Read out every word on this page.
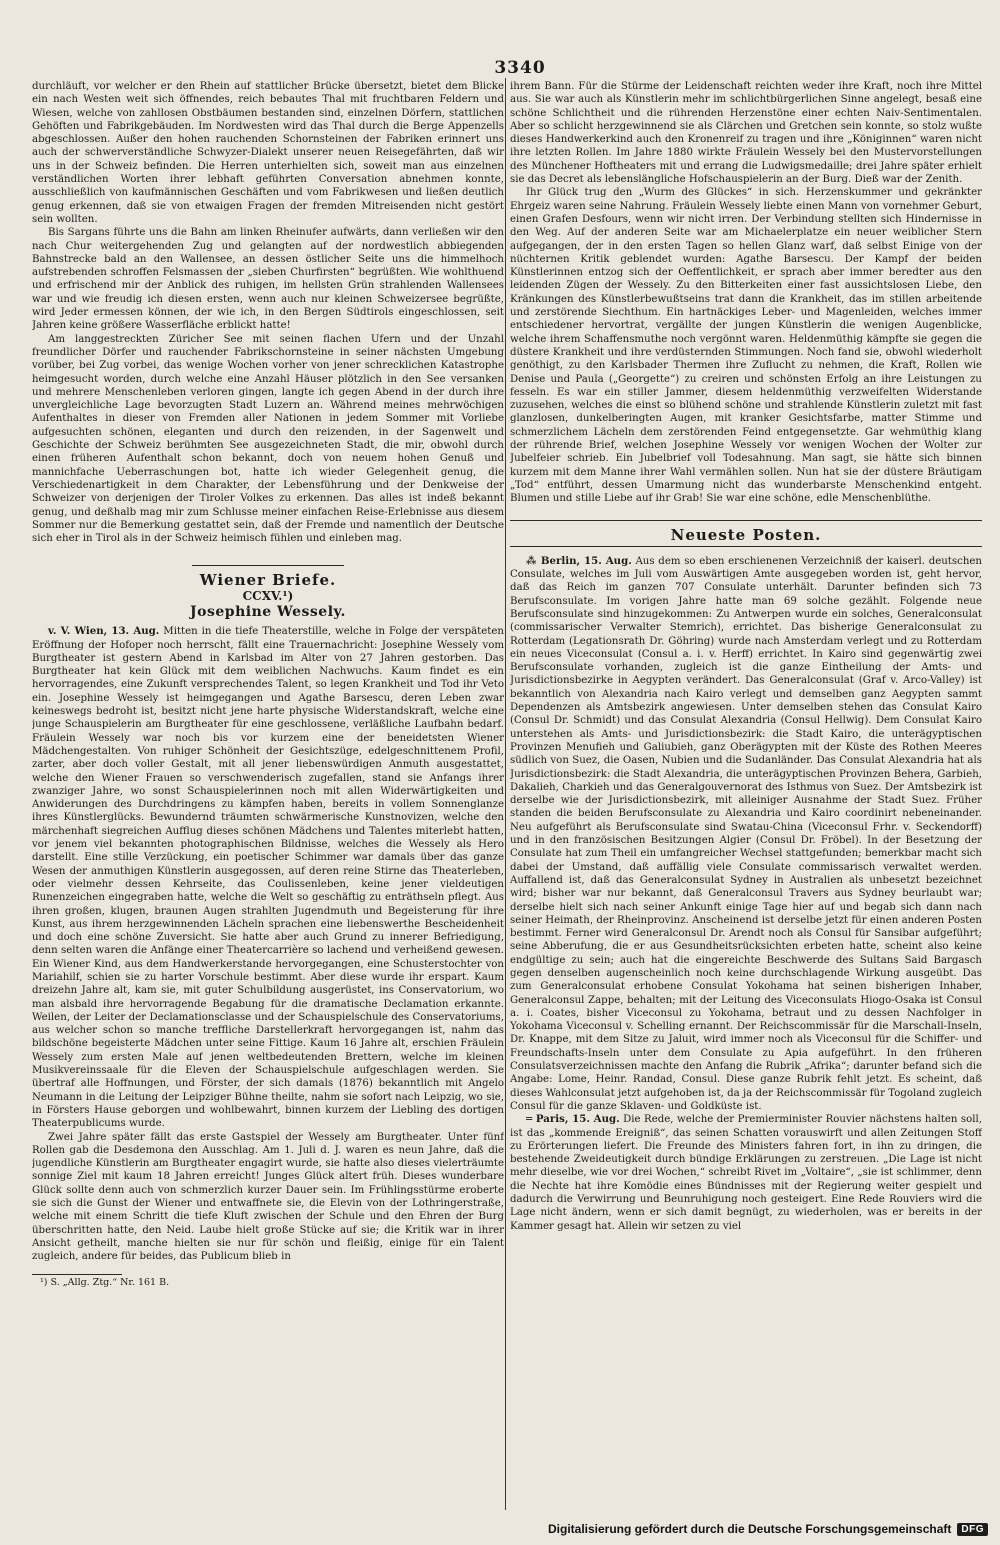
3340

durchläuft, vor welcher er den Rhein auf stattlicher Brücke übersetzt, bietet dem Blicke ein nach Westen weit sich öffnendes, reich bebautes Thal mit fruchtbaren Feldern und Wiesen, welche von zahllosen Obstbäumen bestanden sind, einzelnen Dörfern, stattlichen Gehöften und Fabrikgebäuden. Im Nordwesten wird das Thal durch die Berge Appenzells abgeschlossen. Außer den hohen rauchenden Schornsteinen der Fabriken erinnert uns auch der schwerverständliche Schwyzer-Dialekt unserer neuen Reisegefährten, daß wir uns in der Schweiz befinden. Die Herren unterhielten sich, soweit man aus einzelnen verständlichen Worten ihrer lebhaft geführten Conversation abnehmen konnte, ausschließlich von kaufmännischen Geschäften und vom Fabrikwesen und ließen deutlich genug erkennen, daß sie von etwaigen Fragen der fremden Mitreisenden nicht gestört sein wollten.

Bis Sargans führte uns die Bahn am linken Rheinufer aufwärts, dann verließen wir den nach Chur weitergehenden Zug und gelangten auf der nordwestlich abbiegenden Bahnstrecke bald an den Wallensee, an dessen östlicher Seite uns die himmelhoch aufstrebenden schroffen Felsmassen der „sieben Churfirsten“ begrüßten. Wie wohlthuend und erfrischend mir der Anblick des ruhigen, im hellsten Grün strahlenden Wallensees war und wie freudig ich diesen ersten, wenn auch nur kleinen Schweizersee begrüßte, wird Jeder ermessen können, der wie ich, in den Bergen Südtirols eingeschlossen, seit Jahren keine größere Wasserfläche erblickt hatte!

Am langgestreckten Züricher See mit seinen flachen Ufern und der Unzahl freundlicher Dörfer und rauchender Fabrikschornsteine in seiner nächsten Umgebung vorüber, bei Zug vorbei, das wenige Wochen vorher von jener schrecklichen Katastrophe heimgesucht worden, durch welche eine Anzahl Häuser plötzlich in den See versanken und mehrere Menschenleben verloren gingen, langte ich gegen Abend in der durch ihre unvergleichliche Lage bevorzugten Stadt Luzern an. Während meines mehrwöchigen Aufenthaltes in dieser von Fremden aller Nationen in jedem Sommer mit Vorliebe aufgesuchten schönen, eleganten und durch den reizenden, in der Sagenwelt und Geschichte der Schweiz berühmten See ausgezeichneten Stadt, die mir, obwohl durch einen früheren Aufenthalt schon bekannt, doch von neuem hohen Genuß und mannichfache Ueberraschungen bot, hatte ich wieder Gelegenheit genug, die Verschiedenartigkeit in dem Charakter, der Lebensführung und der Denkweise der Schweizer von derjenigen der Tiroler Volkes zu erkennen. Das alles ist indeß bekannt genug, und deßhalb mag mir zum Schlusse meiner einfachen Reise-Erlebnisse aus diesem Sommer nur die Bemerkung gestattet sein, daß der Fremde und namentlich der Deutsche sich eher in Tirol als in der Schweiz heimisch fühlen und einleben mag.

Wiener Briefe.
CCXV.¹)
Josephine Wessely.

v. V. Wien, 13. Aug. Mitten in die tiefe Theaterstille, welche in Folge der verspäteten Eröffnung der Hofoper noch herrscht, fällt eine Trauernachricht: Josephine Wessely vom Burgtheater ist gestern Abend in Karlsbad im Alter von 27 Jahren gestorben. Das Burgtheater hat kein Glück mit dem weiblichen Nachwuchs. Kaum findet es ein hervorragendes, eine Zukunft versprechendes Talent, so legen Krankheit und Tod ihr Veto ein. Josephine Wessely ist heimgegangen und Agathe Barsescu, deren Leben zwar keineswegs bedroht ist, besitzt nicht jene harte physische Widerstandskraft, welche eine junge Schauspielerin am Burgtheater für eine geschlossene, verläßliche Laufbahn bedarf. Fräulein Wessely war noch bis vor kurzem eine der beneidetsten Wiener Mädchengestalten. Von ruhiger Schönheit der Gesichtszüge, edelgeschnittenem Profil, zarter, aber doch voller Gestalt, mit all jener liebenswürdigen Anmuth ausgestattet, welche den Wiener Frauen so verschwenderisch zugefallen, stand sie Anfangs ihrer zwanziger Jahre, wo sonst Schauspielerinnen noch mit allen Widerwärtigkeiten und Anwiderungen des Durchdringens zu kämpfen haben, bereits in vollem Sonnenglanze ihres Künstlerglücks. Bewundernd träumten schwärmerische Kunstnovizen, welche den märchenhaft siegreichen Aufflug dieses schönen Mädchens und Talentes miterlebt hatten, vor jenem viel bekannten photographischen Bildnisse, welches die Wessely als Hero darstellt. Eine stille Verzückung, ein poetischer Schimmer war damals über das ganze Wesen der anmuthigen Künstlerin ausgegossen, auf deren reine Stirne das Theaterleben, oder vielmehr dessen Kehrseite, das Coulissenleben, keine jener vieldeutigen Runenzeichen eingegraben hatte, welche die Welt so geschäftig zu enträthseln pflegt. Aus ihren großen, klugen, braunen Augen strahlten Jugendmuth und Begeisterung für ihre Kunst, aus ihrem herzgewinnenden Lächeln sprachen eine liebenswerthe Bescheidenheit und doch eine schöne Zuversicht. Sie hatte aber auch Grund zu innerer Befriedigung, denn selten waren die Anfänge einer Theatercarrière so lachend und verheißend gewesen. Ein Wiener Kind, aus dem Handwerkerstande hervorgegangen, eine Schusterstochter von Mariahilf, schien sie zu harter Vorschule bestimmt. Aber diese wurde ihr erspart. Kaum dreizehn Jahre alt, kam sie, mit guter Schulbildung ausgerüstet, ins Conservatorium, wo man alsbald ihre hervorragende Begabung für die dramatische Declamation erkannte. Weilen, der Leiter der Declamationsclasse und der Schauspielschule des Conservatoriums, aus welcher schon so manche treffliche Darstellerkraft hervorgegangen ist, nahm das bildschöne begeisterte Mädchen unter seine Fittige. Kaum 16 Jahre alt, erschien Fräulein Wessely zum ersten Male auf jenen weltbedeutenden Brettern, welche im kleinen Musikvereinssaale für die Eleven der Schauspielschule aufgeschlagen werden. Sie übertraf alle Hoffnungen, und Förster, der sich damals (1876) bekanntlich mit Angelo Neumann in die Leitung der Leipziger Bühne theilte, nahm sie sofort nach Leipzig, wo sie, in Försters Hause geborgen und wohlbewahrt, binnen kurzem der Liebling des dortigen Theaterpublicums wurde.

Zwei Jahre später fällt das erste Gastspiel der Wessely am Burgtheater. Unter fünf Rollen gab die Desdemona den Ausschlag. Am 1. Juli d. J. waren es neun Jahre, daß die jugendliche Künstlerin am Burgtheater engagirt wurde, sie hatte also dieses vielerträumte sonnige Ziel mit kaum 18 Jahren erreicht! Junges Glück altert früh. Dieses wunderbare Glück sollte denn auch von schmerzlich kurzer Dauer sein. Im Frühlingsstürme eroberte sie sich die Gunst der Wiener und entwaffnete sie, die Elevin von der Lothringerstraße, welche mit einem Schritt die tiefe Kluft zwischen der Schule und den Ehren der Burg überschritten hatte, den Neid. Laube hielt große Stücke auf sie; die Kritik war in ihrer Ansicht getheilt, manche hielten sie nur für schön und fleißig, einige für ein Talent zugleich, andere für beides, das Publicum blieb in

¹) S. „Allg. Ztg.“ Nr. 161 B.

ihrem Bann. Für die Stürme der Leidenschaft reichten weder ihre Kraft, noch ihre Mittel aus. Sie war auch als Künstlerin mehr im schlichtbürgerlichen Sinne angelegt, besaß eine schöne Schlichtheit und die rührenden Herzenstöne einer echten Naiv-Sentimentalen. Aber so schlicht herzgewinnend sie als Clärchen und Gretchen sein konnte, so stolz wußte dieses Handwerkerkind auch den Kronenreif zu tragen und ihre „Königinnen“ waren nicht ihre letzten Rollen. Im Jahre 1880 wirkte Fräulein Wessely bei den Mustervorstellungen des Münchener Hoftheaters mit und errang die Ludwigsmedaille; drei Jahre später erhielt sie das Decret als lebenslängliche Hofschauspielerin an der Burg. Dieß war der Zenith.

Ihr Glück trug den „Wurm des Glückes“ in sich. Herzenskummer und gekränkter Ehrgeiz waren seine Nahrung. Fräulein Wessely liebte einen Mann von vornehmer Geburt, einen Grafen Desfours, wenn wir nicht irren. Der Verbindung stellten sich Hindernisse in den Weg. Auf der anderen Seite war am Michaelerplatze ein neuer weiblicher Stern aufgegangen, der in den ersten Tagen so hellen Glanz warf, daß selbst Einige von der nüchternen Kritik geblendet wurden: Agathe Barsescu. Der Kampf der beiden Künstlerinnen entzog sich der Oeffentlichkeit, er sprach aber immer beredter aus den leidenden Zügen der Wessely. Zu den Bitterkeiten einer fast aussichtslosen Liebe, den Kränkungen des Künstlerbewußtseins trat dann die Krankheit, das im stillen arbeitende und zerstörende Siechthum. Ein hartnäckiges Leber- und Magenleiden, welches immer entschiedener hervortrat, vergällte der jungen Künstlerin die wenigen Augenblicke, welche ihrem Schaffensmuthe noch vergönnt waren. Heldenmüthig kämpfte sie gegen die düstere Krankheit und ihre verdüsternden Stimmungen. Noch fand sie, obwohl wiederholt genöthigt, zu den Karlsbader Thermen ihre Zuflucht zu nehmen, die Kraft, Rollen wie Denise und Paula („Georgette“) zu creiren und schönsten Erfolg an ihre Leistungen zu fesseln. Es war ein stiller Jammer, diesem heldenmüthig verzweifelten Widerstande zuzusehen, welches die einst so blühend schöne und strahlende Künstlerin zuletzt mit fast glanzlosen, dunkelberingten Augen, mit kranker Gesichtsfarbe, matter Stimme und schmerzlichem Lächeln dem zerstörenden Feind entgegensetzte. Gar wehmüthig klang der rührende Brief, welchen Josephine Wessely vor wenigen Wochen der Wolter zur Jubelfeier schrieb. Ein Jubelbrief voll Todesahnung. Man sagt, sie hätte sich binnen kurzem mit dem Manne ihrer Wahl vermählen sollen. Nun hat sie der düstere Bräutigam „Tod“ entführt, dessen Umarmung nicht das wunderbarste Menschenkind entgeht. Blumen und stille Liebe auf ihr Grab! Sie war eine schöne, edle Menschenblüthe.

Neueste Posten.

⁂ Berlin, 15. Aug. Aus dem so eben erschienenen Verzeichniß der kaiserl. deutschen Consulate, welches im Juli vom Auswärtigen Amte ausgegeben worden ist, geht hervor, daß das Reich im ganzen 707 Consulate unterhält. Darunter befinden sich 73 Berufsconsulate. Im vorigen Jahre hatte man 69 solche gezählt. Folgende neue Berufsconsulate sind hinzugekommen: Zu Antwerpen wurde ein solches, Generalconsulat (commissarischer Verwalter Stemrich), errichtet. Das bisherige Generalconsulat zu Rotterdam (Legationsrath Dr. Göhring) wurde nach Amsterdam verlegt und zu Rotterdam ein neues Viceconsulat (Consul a. i. v. Herff) errichtet. In Kairo sind gegenwärtig zwei Berufsconsulate vorhanden, zugleich ist die ganze Eintheilung der Amts- und Jurisdictionsbezirke in Aegypten verändert. Das Generalconsulat (Graf v. Arco-Valley) ist bekanntlich von Alexandria nach Kairo verlegt und demselben ganz Aegypten sammt Dependenzen als Amtsbezirk angewiesen. Unter demselben stehen das Consulat Kairo (Consul Dr. Schmidt) und das Consulat Alexandria (Consul Hellwig). Dem Consulat Kairo unterstehen als Amts- und Jurisdictionsbezirk: die Stadt Kairo, die unterägyptischen Provinzen Menufieh und Galiubieh, ganz Oberägypten mit der Küste des Rothen Meeres südlich von Suez, die Oasen, Nubien und die Sudanländer. Das Consulat Alexandria hat als Jurisdictionsbezirk: die Stadt Alexandria, die unterägyptischen Provinzen Behera, Garbieh, Dakalieh, Charkieh und das Generalgouvernorat des Isthmus von Suez. Der Amtsbezirk ist derselbe wie der Jurisdictionsbezirk, mit alleiniger Ausnahme der Stadt Suez. Früher standen die beiden Berufsconsulate zu Alexandria und Kairo coordinirt nebeneinander. Neu aufgeführt als Berufsconsulate sind Swatau-China (Viceconsul Frhr. v. Seckendorff) und in den französischen Besitzungen Algier (Consul Dr. Fröbel). In der Besetzung der Consulate hat zum Theil ein umfangreicher Wechsel stattgefunden; bemerkbar macht sich dabei der Umstand, daß auffällig viele Consulate commissarisch verwaltet werden. Auffallend ist, daß das Generalconsulat Sydney in Australien als unbesetzt bezeichnet wird; bisher war nur bekannt, daß Generalconsul Travers aus Sydney beurlaubt war; derselbe hielt sich nach seiner Ankunft einige Tage hier auf und begab sich dann nach seiner Heimath, der Rheinprovinz. Anscheinend ist derselbe jetzt für einen anderen Posten bestimmt. Ferner wird Generalconsul Dr. Arendt noch als Consul für Sansibar aufgeführt; seine Abberufung, die er aus Gesundheitsrücksichten erbeten hatte, scheint also keine endgültige zu sein; auch hat die eingereichte Beschwerde des Sultans Said Bargasch gegen denselben augenscheinlich noch keine durchschlagende Wirkung ausgeübt. Das zum Generalconsulat erhobene Consulat Yokohama hat seinen bisherigen Inhaber, Generalconsul Zappe, behalten; mit der Leitung des Viceconsulats Hiogo-Osaka ist Consul a. i. Coates, bisher Viceconsul zu Yokohama, betraut und zu dessen Nachfolger in Yokohama Viceconsul v. Schelling ernannt. Der Reichscommissär für die Marschall-Inseln, Dr. Knappe, mit dem Sitze zu Jaluit, wird immer noch als Viceconsul für die Schiffer- und Freundschafts-Inseln unter dem Consulate zu Apia aufgeführt. In den früheren Consulatsverzeichnissen machte den Anfang die Rubrik „Afrika“; darunter befand sich die Angabe: Lome, Heinr. Randad, Consul. Diese ganze Rubrik fehlt jetzt. Es scheint, daß dieses Wahlconsulat jetzt aufgehoben ist, da ja der Reichscommissär für Togoland zugleich Consul für die ganze Sklaven- und Goldküste ist.

═ Paris, 15. Aug. Die Rede, welche der Premierminister Rouvier nächstens halten soll, ist das „kommende Ereigniß“, das seinen Schatten vorauswirft und allen Zeitungen Stoff zu Erörterungen liefert. Die Freunde des Ministers fahren fort, in ihn zu dringen, die bestehende Zweideutigkeit durch bündige Erklärungen zu zerstreuen. „Die Lage ist nicht mehr dieselbe, wie vor drei Wochen,“ schreibt Rivet im „Voltaire“, „sie ist schlimmer, denn die Nechte hat ihre Komödie eines Bündnisses mit der Regierung weiter gespielt und dadurch die Verwirrung und Beunruhigung noch gesteigert. Eine Rede Rouviers wird die Lage nicht ändern, wenn er sich damit begnügt, zu wiederholen, was er bereits in der Kammer gesagt hat. Allein wir setzen zu viel

Digitalisierung gefördert durch die Deutsche Forschungsgemeinschaft	DFG
